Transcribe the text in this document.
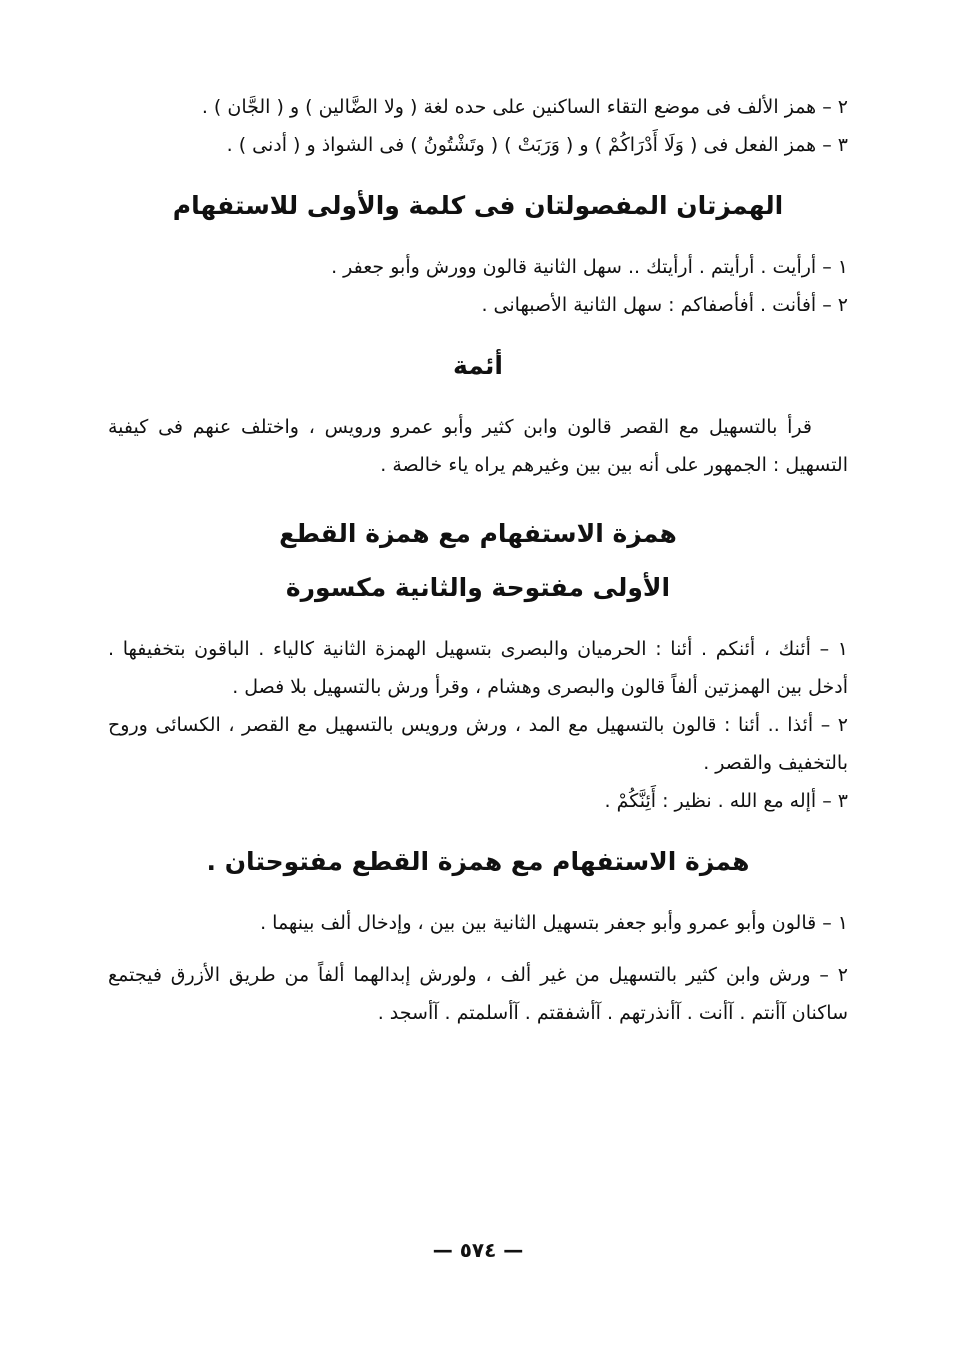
٢ – همز الألف فى موضع التقاء الساكنين على حده لغة ( ولا الضَّالين ) و ( الجَّان ) .

٣ – همز الفعل فى ( وَلَا أَدْرَاكُمْ ) و ( وَرَبَتْ ) ( وتَشْتُونُ ) فى الشواذ و ( أدنى ) .

الهمزتان المفصولتان فى كلمة والأولى للاستفهام

١ – أرأيت . أرأيتم . أرأيتك .. سهل الثانية قالون وورش وأبو جعفر .

٢ – أفأنت . أفأصفاكم : سهل الثانية الأصبهانى .

أئمة

قرأ بالتسهيل مع القصر قالون وابن كثير وأبو عمرو ورويس ، واختلف عنهم فى كيفية التسهيل : الجمهور على أنه بين بين وغيرهم يراه ياء خالصة .

همزة الاستفهام مع همزة القطع
الأولى مفتوحة والثانية مكسورة

١ – أئنك ، أئنكم . أئنا : الحرميان والبصرى بتسهيل الهمزة الثانية كالياء . الباقون بتخفيفها . أدخل بين الهمزتين ألفاً قالون والبصرى وهشام ، وقرأ ورش بالتسهيل بلا فصل .

٢ – أئذا .. أئنا : قالون بالتسهيل مع المد ، ورش ورويس بالتسهيل مع القصر ، الكسائى وروح بالتخفيف والقصر .

٣ – أإله مع الله . نظير : أَئِنَّكُمْ .

همزة الاستفهام مع همزة القطع مفتوحتان .

١ – قالون وأبو عمرو وأبو جعفر بتسهيل الثانية بين بين ، وإدخال ألف بينهما .

٢ – ورش وابن كثير بالتسهيل من غير ألف ، ولورش إبدالهما ألفاً من طريق الأزرق فيجتمع ساكنان آأنتم . آأنت . آأنذرتهم . آأشفقتم . آأسلمتم . آأسجد .

— ٥٧٤ —
